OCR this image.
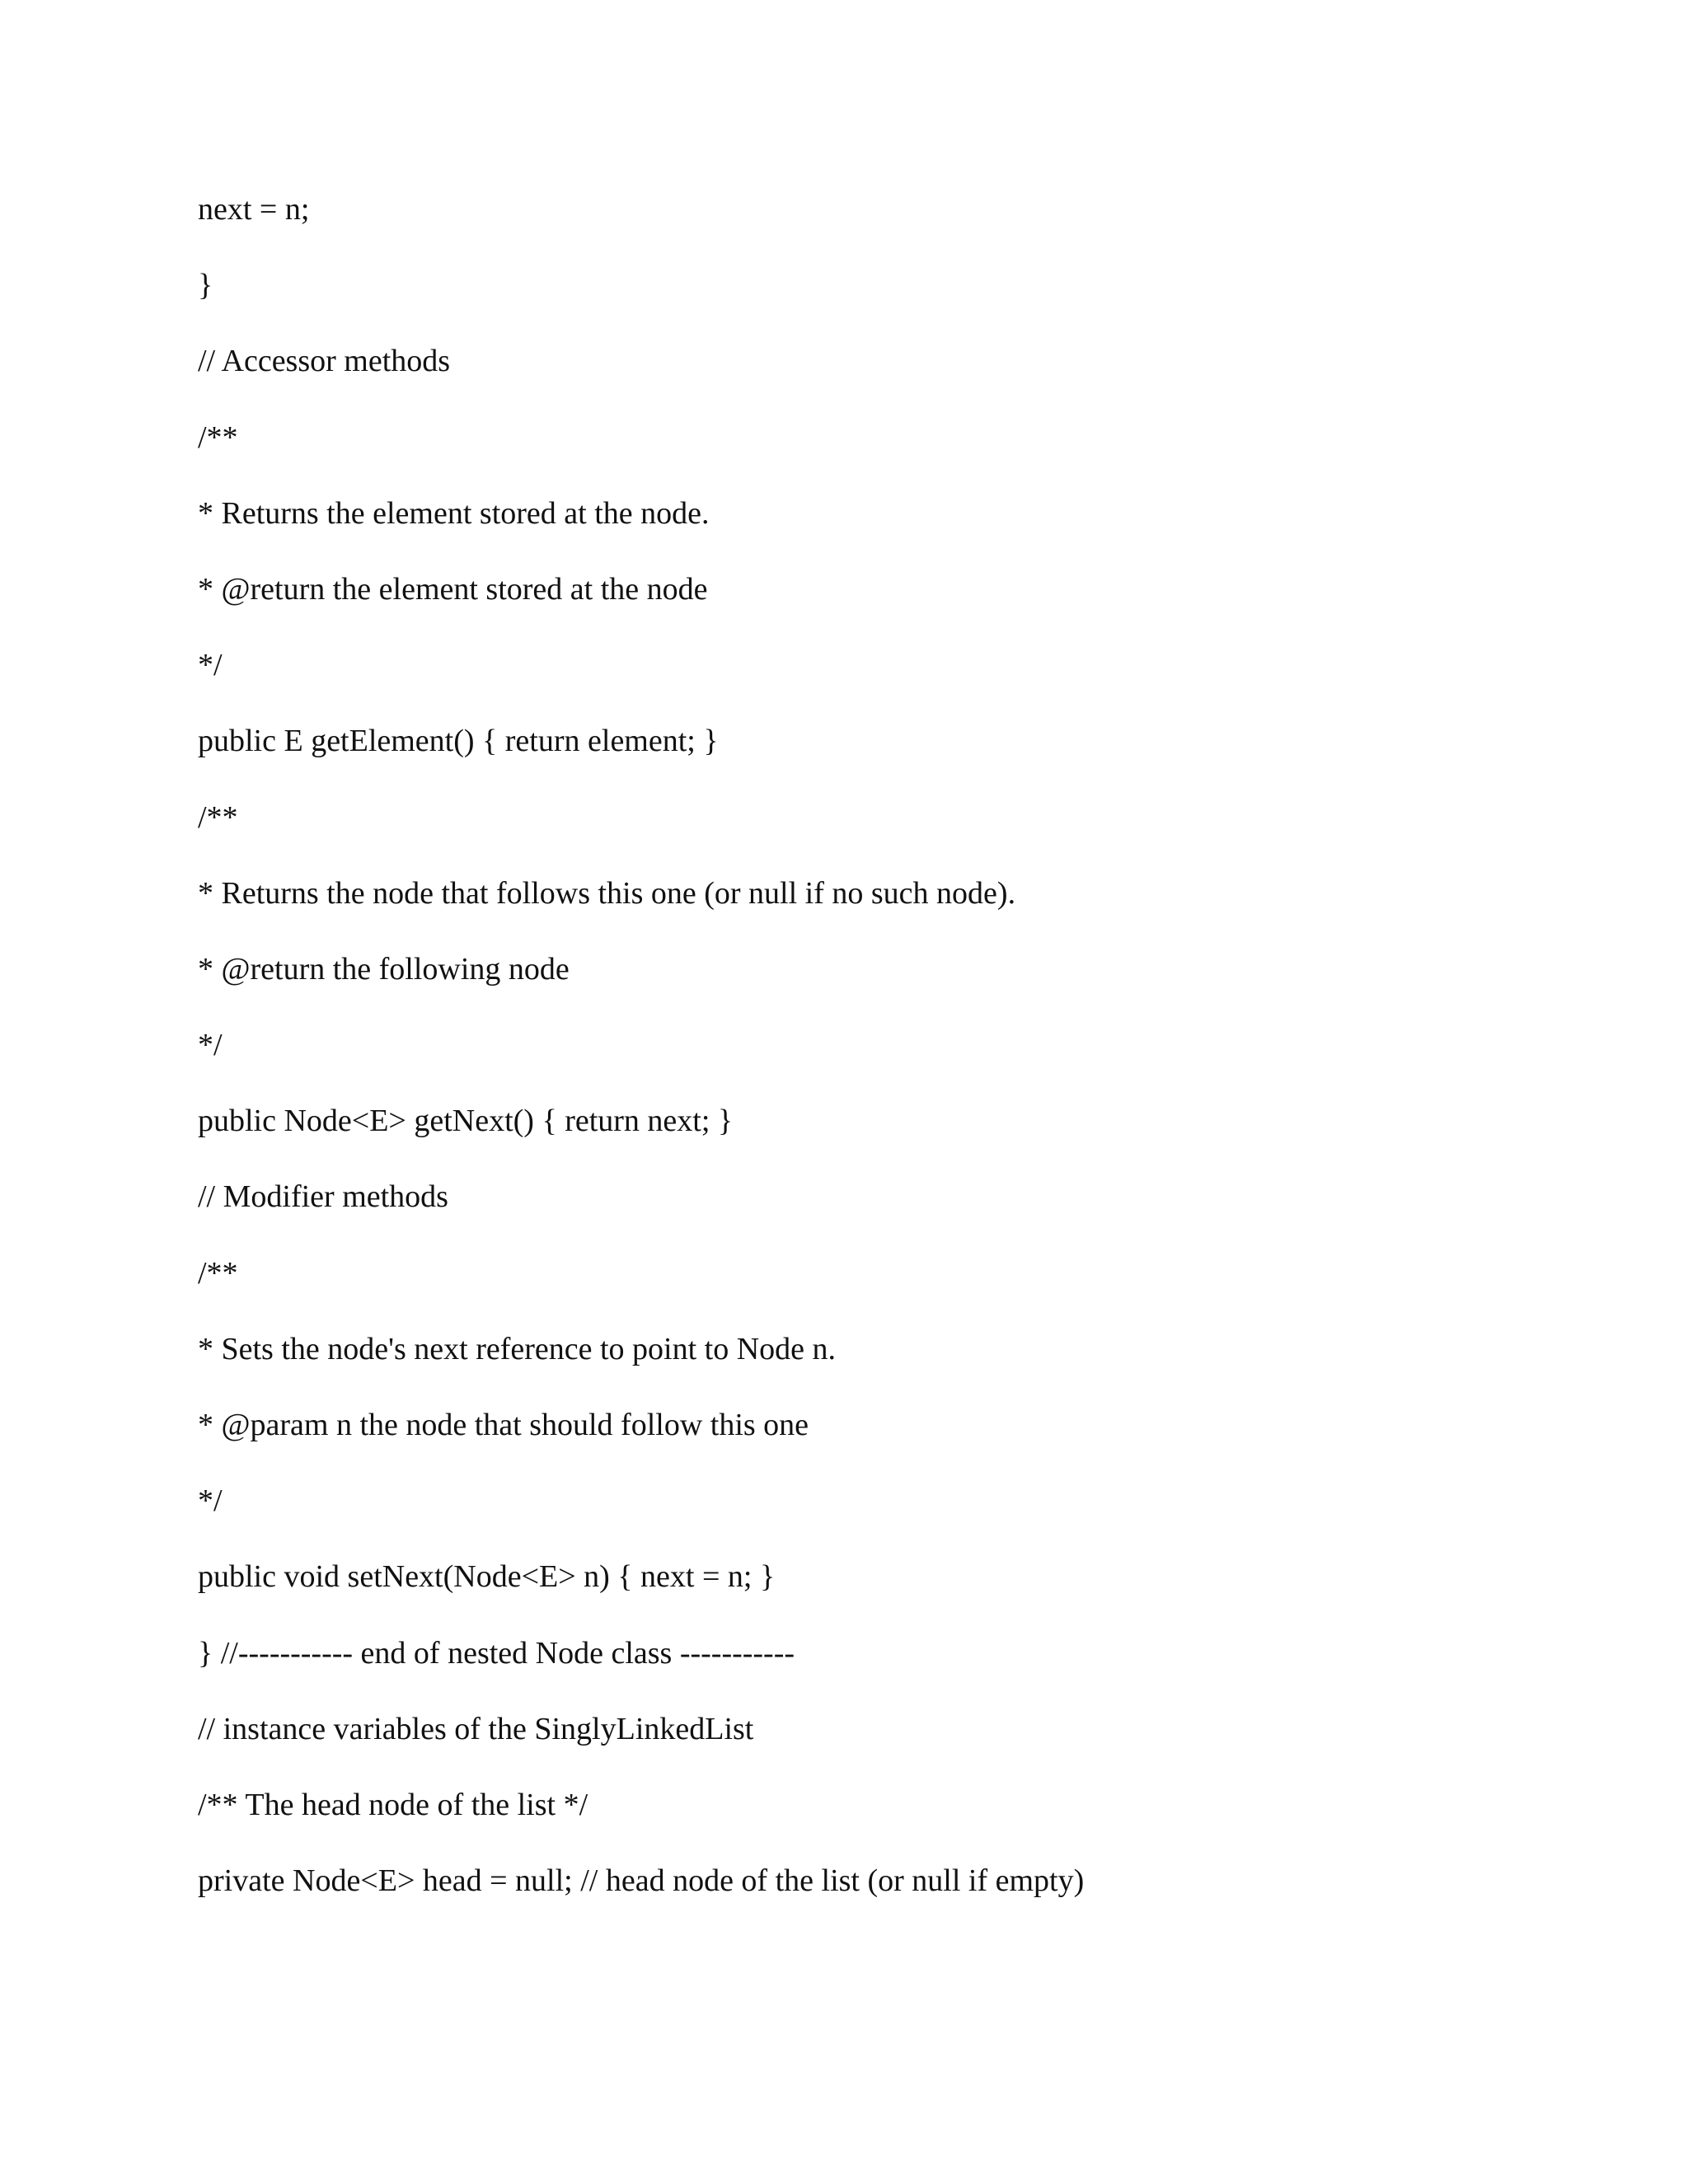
next = n;
}
// Accessor methods
/**
* Returns the element stored at the node.
* @return the element stored at the node
*/
public E getElement() { return element; }
/**
* Returns the node that follows this one (or null if no such node).
* @return the following node
*/
public Node<E> getNext() { return next; }
// Modifier methods
/**
* Sets the node's next reference to point to Node n.
* @param n the node that should follow this one
*/
public void setNext(Node<E> n) { next = n; }
} //----------- end of nested Node class -----------
// instance variables of the SinglyLinkedList
/** The head node of the list */
private Node<E> head = null; // head node of the list (or null if empty)
